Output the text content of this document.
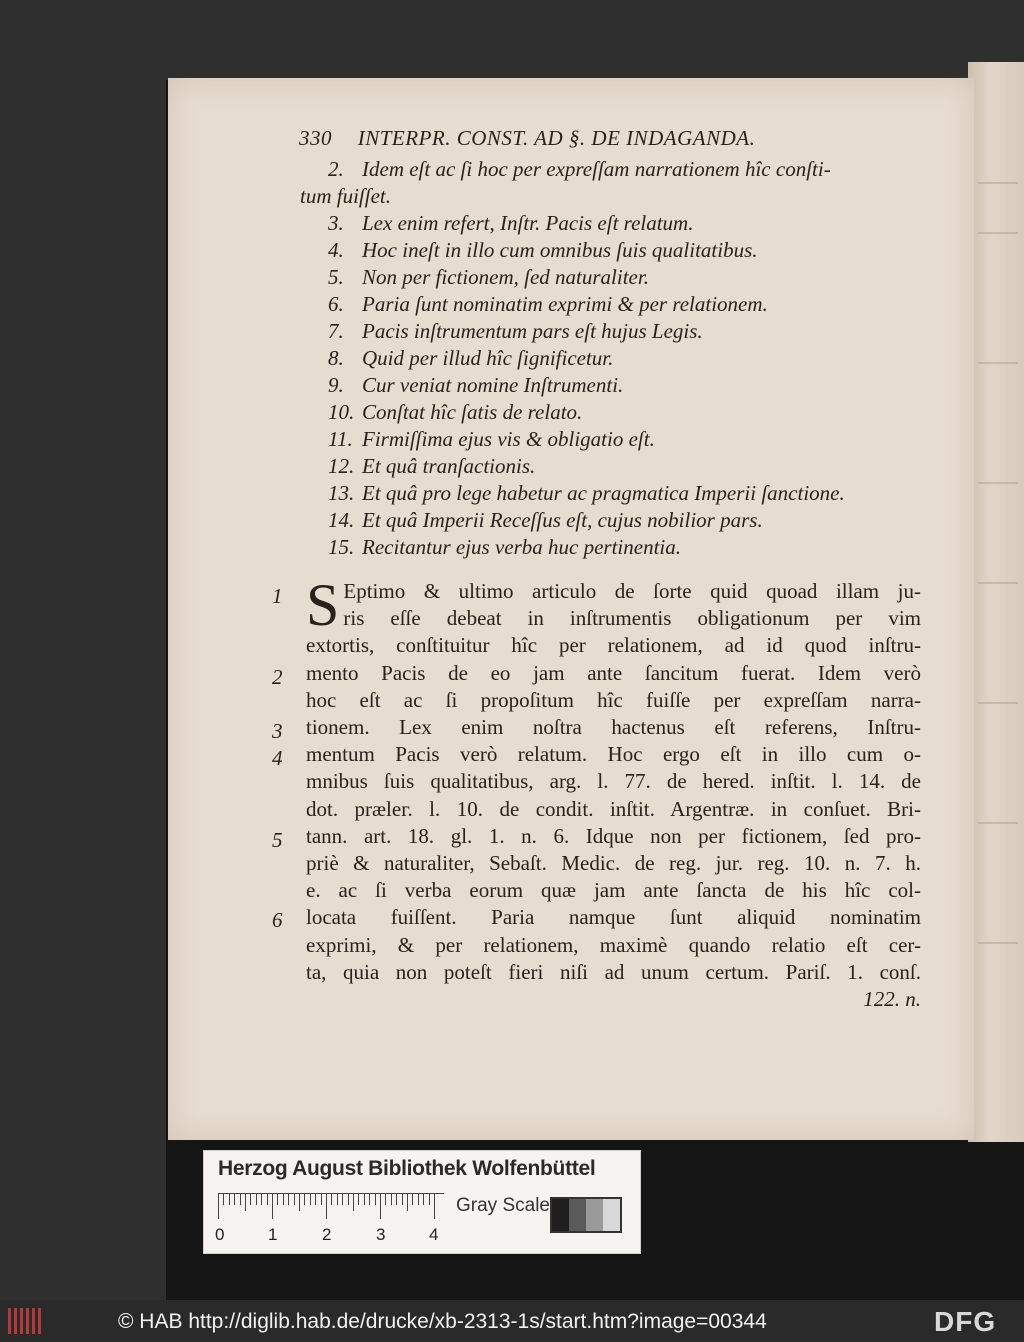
330 INTERPR. CONST. AD §. DE INDAGANDA.
2. Idem eſt ac ſi hoc per expreſſam narrationem hîc conſti-
tum fuiſſet.
3. Lex enim refert, Inſtr. Pacis eſt relatum.
4. Hoc ineſt in illo cum omnibus ſuis qualitatibus.
5. Non per fictionem, ſed naturaliter.
6. Paria ſunt nominatim exprimi & per relationem.
7. Pacis inſtrumentum pars eſt hujus Legis.
8. Quid per illud hîc ſignificetur.
9. Cur veniat nomine Inſtrumenti.
10. Conſtat hîc ſatis de relato.
11. Firmiſſima ejus vis & obligatio eſt.
12. Et quâ tranſactionis.
13. Et quâ pro lege habetur ac pragmatica Imperii ſanctione.
14. Et quâ Imperii Receſſus eſt, cujus nobilior pars.
15. Recitantur ejus verba huc pertinentia.
1
2
3
4
5
6
S Eptimo & ultimo articulo de ſorte quid quoad illam ju-
ris eſſe debeat in inſtrumentis obligationum per vim
extortis, conſtituitur hîc per relationem, ad id quod inſtru-
mento Pacis de eo jam ante ſancitum fuerat. Idem verò
hoc eſt ac ſi propoſitum hîc fuiſſe per expreſſam narra-
tionem. Lex enim noſtra hactenus eſt referens, Inſtru-
mentum Pacis verò relatum. Hoc ergo eſt in illo cum o-
mnibus ſuis qualitatibus, arg. l. 77. de hered. inſtit. l. 14. de
dot. prælег. l. 10. de condit. inſtit. Argentræ. in conſuet. Bri-
tann. art. 18. gl. 1. n. 6. Idque non per fictionem, ſed pro-
priè & naturaliter, Sebaſt. Medic. de reg. jur. reg. 10. n. 7. h.
e. ac ſi verba eorum quæ jam ante ſancta de his hîc col-
locata fuiſſent. Paria namque ſunt aliquid nominatim
exprimi, & per relationem, maximè quando relatio eſt cer-
ta, quia non poteſt fieri niſi ad unum certum. Pariſ. 1. conſ.
122. n.
Herzog August Bibliothek Wolfenbüttel
0	1	2	3	4
Gray Scale
© HAB http://diglib.hab.de/drucke/xb-2313-1s/start.htm?image=00344	DFG
